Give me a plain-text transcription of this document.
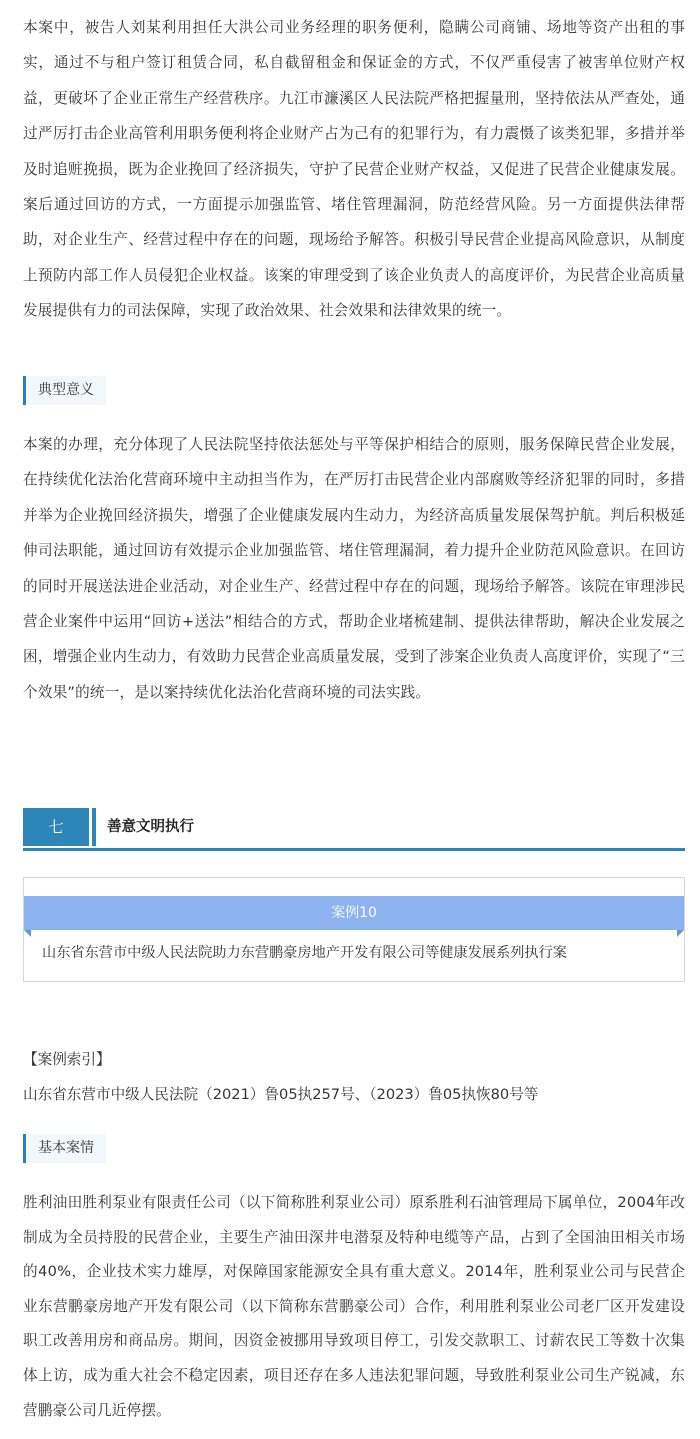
本案中，被告人刘某利用担任大洪公司业务经理的职务便利，隐瞒公司商铺、场地等资产出租的事实，通过不与租户签订租赁合同，私自截留租金和保证金的方式，不仅严重侵害了被害单位财产权益，更破坏了企业正常生产经营秩序。九江市濂溪区人民法院严格把握量刑，坚持依法从严查处，通过严厉打击企业高管利用职务便利将企业财产占为己有的犯罪行为，有力震慑了该类犯罪，多措并举及时追赃挽损，既为企业挽回了经济损失，守护了民营企业财产权益，又促进了民营企业健康发展。案后通过回访的方式，一方面提示加强监管、堵住管理漏洞，防范经营风险。另一方面提供法律帮助，对企业生产、经营过程中存在的问题，现场给予解答。积极引导民营企业提高风险意识，从制度上预防内部工作人员侵犯企业权益。该案的审理受到了该企业负责人的高度评价，为民营企业高质量发展提供有力的司法保障，实现了政治效果、社会效果和法律效果的统一。

典型意义

本案的办理，充分体现了人民法院坚持依法惩处与平等保护相结合的原则，服务保障民营企业发展，在持续优化法治化营商环境中主动担当作为，在严厉打击民营企业内部腐败等经济犯罪的同时，多措并举为企业挽回经济损失，增强了企业健康发展内生动力，为经济高质量发展保驾护航。判后积极延伸司法职能，通过回访有效提示企业加强监管、堵住管理漏洞，着力提升企业防范风险意识。在回访的同时开展送法进企业活动，对企业生产、经营过程中存在的问题，现场给予解答。该院在审理涉民营企业案件中运用“回访+送法”相结合的方式，帮助企业堵梳建制、提供法律帮助，解决企业发展之困，增强企业内生动力，有效助力民营企业高质量发展，受到了涉案企业负责人高度评价，实现了“三个效果”的统一，是以案持续优化法治化营商环境的司法实践。

七	善意文明执行
案例10
山东省东营市中级人民法院助力东营鹏豪房地产开发有限公司等健康发展系列执行案
【案例索引】
山东省东营市中级人民法院（2021）鲁05执257号、（2023）鲁05执恢80号等
基本案情

胜利油田胜利泵业有限责任公司（以下简称胜利泵业公司）原系胜利石油管理局下属单位，2004年改制成为全员持股的民营企业，主要生产油田深井电潜泵及特种电缆等产品，占到了全国油田相关市场的40%，企业技术实力雄厚，对保障国家能源安全具有重大意义。2014年，胜利泵业公司与民营企业东营鹏豪房地产开发有限公司（以下简称东营鹏豪公司）合作，利用胜利泵业公司老厂区开发建设职工改善用房和商品房。期间，因资金被挪用导致项目停工，引发交款职工、讨薪农民工等数十次集体上访，成为重大社会不稳定因素，项目还存在多人违法犯罪问题，导致胜利泵业公司生产锐减，东营鹏豪公司几近停摆。
